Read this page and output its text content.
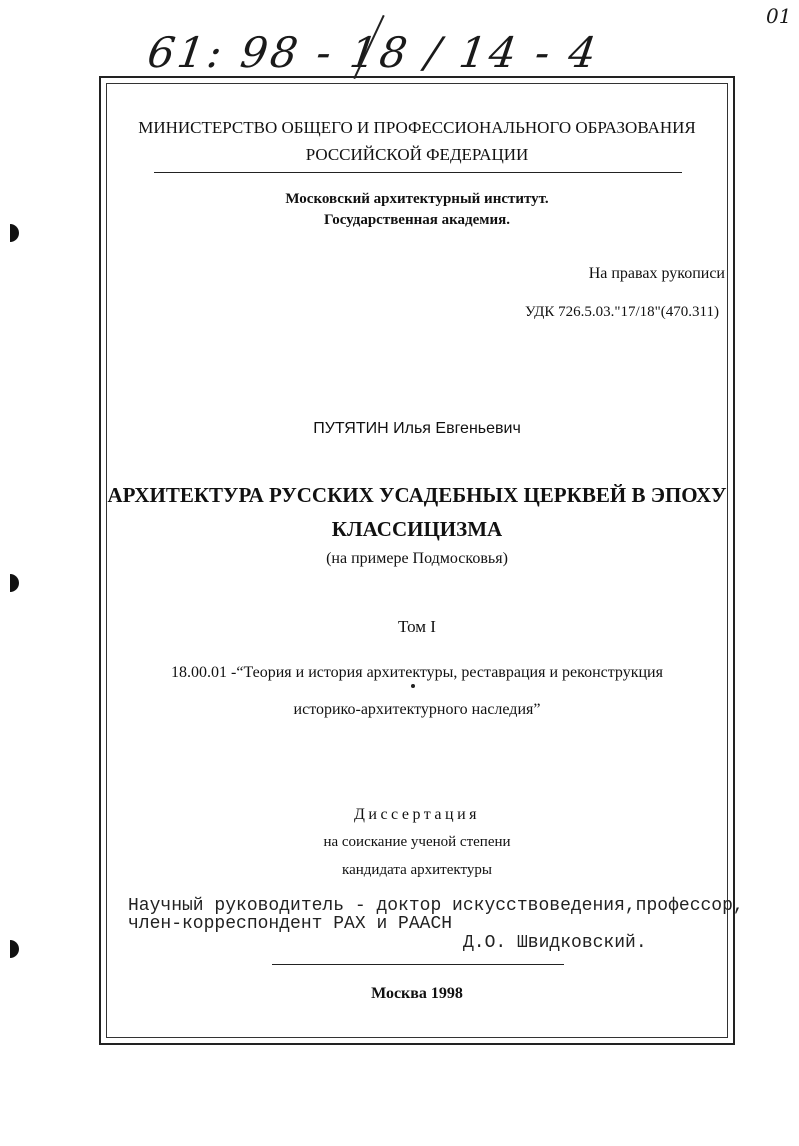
61: 98 - 18 / 14 - 4
01
МИНИСТЕРСТВО ОБЩЕГО И ПРОФЕССИОНАЛЬНОГО ОБРАЗОВАНИЯ
РОССИЙСКОЙ ФЕДЕРАЦИИ
Московский архитектурный институт.
Государственная академия.
На правах рукописи
УДК 726.5.03."17/18"(470.311)
ПУТЯТИН Илья Евгеньевич
АРХИТЕКТУРА РУССКИХ УСАДЕБНЫХ ЦЕРКВЕЙ В ЭПОХУ
КЛАССИЦИЗМА
(на примере Подмосковья)
Том I
18.00.01 -“Теория и история архитектуры, реставрация и реконструкция
историко-архитектурного наследия”
Диссертация
на соискание ученой степени
кандидата архитектуры
Научный руководитель - доктор искусствоведения,профессор,
член-корреспондент РАХ и РААСН
Д.О. Швидковский.
Москва 1998
